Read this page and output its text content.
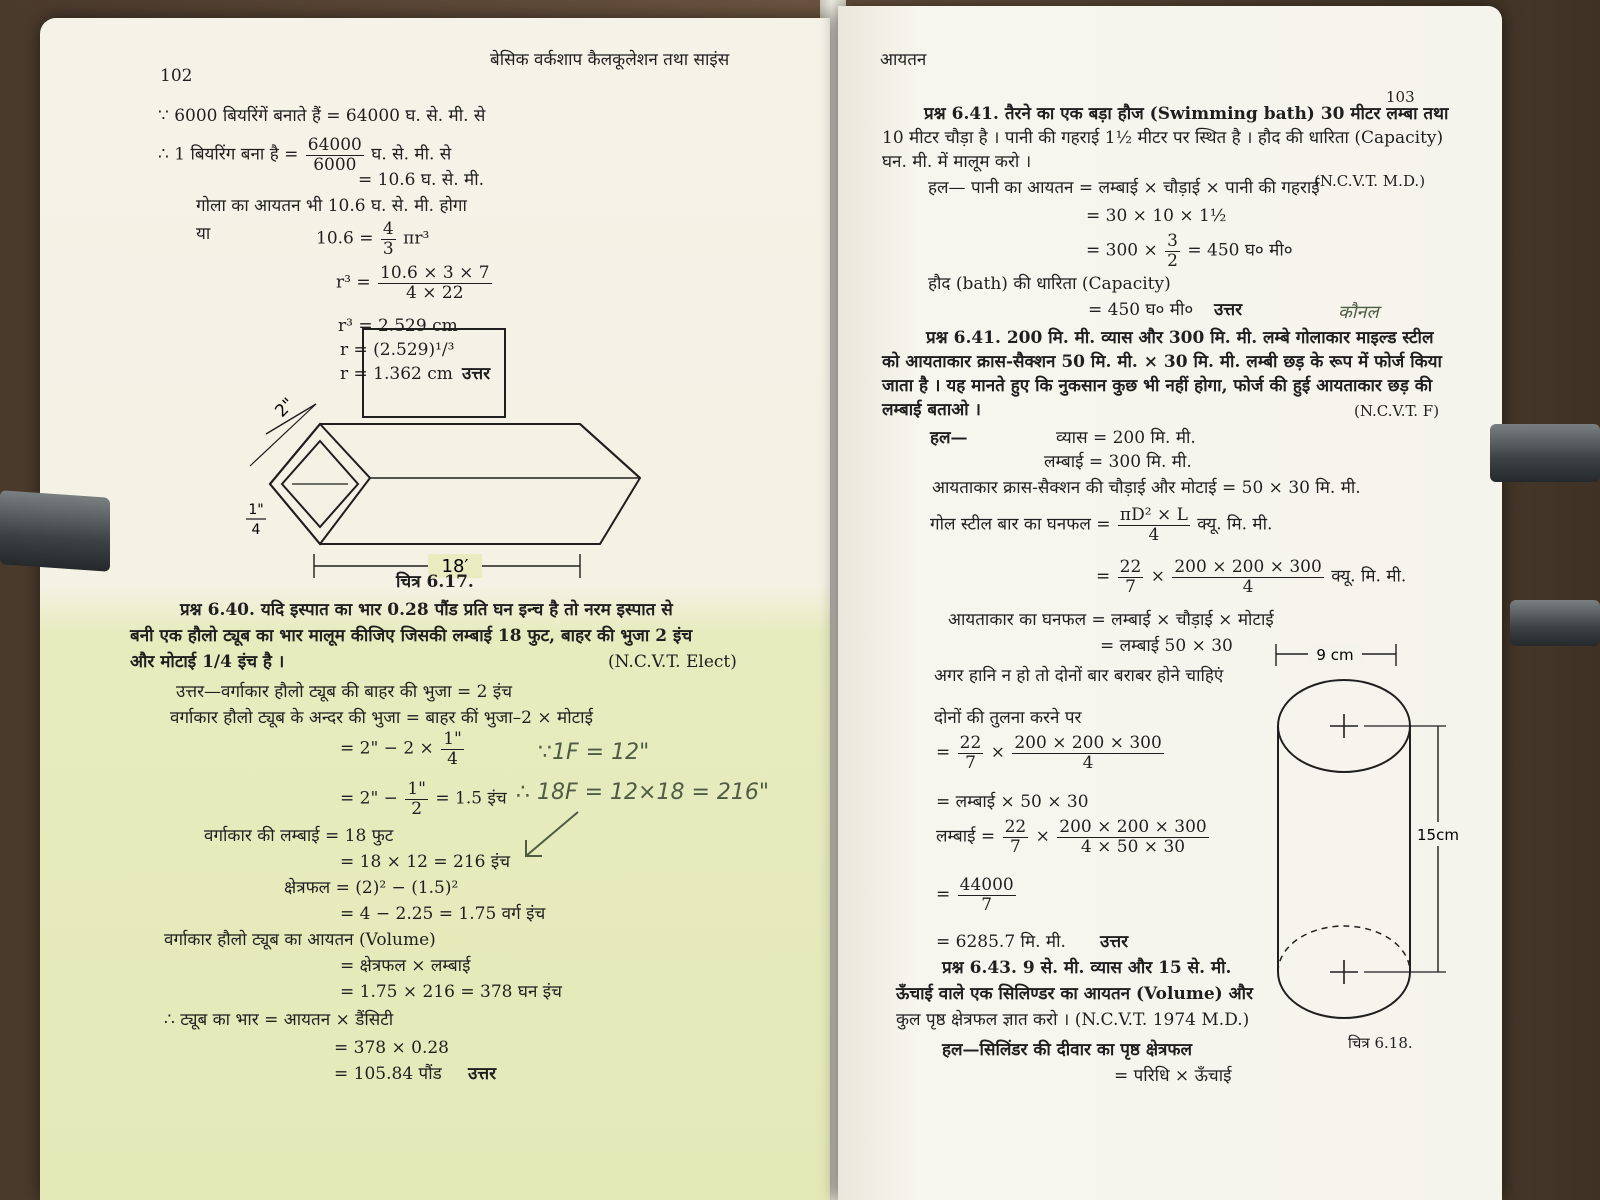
102
बेसिक वर्कशाप कैलकूलेशन तथा साइंस
∵ 6000 बियरिंगें बनाते हैं = 64000 घ. से. मी. से
∴ 1 बियरिंग बना है = $\frac{64000}{6000}$ घ. से. मी. से
= 10.6 घ. से. मी.
गोला का आयतन भी 10.6 घ. से. मी. होगा
या	$10.6 = \frac{4}{3} \pi r^3$
$r^3 = \frac{10.6 \times 3 \times 7}{4 \times 22}$
r³ = 2.529 cm
r = (2.529)¹/³
r = 1.362 cm उत्तर
18′
2"
1"
4
चित्र 6.17.
प्रश्न 6.40. यदि इस्पात का भार 0.28 पौंड प्रति घन इन्च है तो नरम इस्पात से
बनी एक हौलो ट्यूब का भार मालूम कीजिए जिसकी लम्बाई 18 फुट, बाहर की भुजा 2 इंच
और मोटाई 1/4 इंच है ।	(N.C.V.T. Elect)
उत्तर—वर्गाकार हौलो ट्यूब की बाहर की भुजा = 2 इंच
वर्गाकार हौलो ट्यूब के अन्दर की भुजा = बाहर कीं भुजा–2 × मोटाई
= 2" − $2 \times \frac{1"}{4}$
= 2" − $\frac{1"}{2} = 1.5$ इंच
∵1F = 12"
∴ 18F = 12×18 = 216"
वर्गाकार की लम्बाई = 18 फुट
= 18 × 12 = 216 इंच
क्षेत्रफल = (2)² − (1.5)²
= 4 − 2.25 = 1.75 वर्ग इंच
वर्गाकार हौलो ट्यूब का आयतन (Volume)
= क्षेत्रफल × लम्बाई
= 1.75 × 216 = 378 घन इंच
∴ ट्यूब का भार = आयतन × डैंसिटी
= 378 × 0.28
= 105.84 पौंड उत्तर
आयतन
103
प्रश्न 6.41. तैरने का एक बड़ा हौज (Swimming bath) 30 मीटर लम्बा तथा
10 मीटर चौड़ा है । पानी की गहराई 1½ मीटर पर स्थित है । हौद की धारिता (Capacity)
घन. मी. में मालूम करो ।
(N.C.V.T. M.D.)
हल— पानी का आयतन = लम्बाई × चौड़ाई × पानी की गहराई
= 30 × 10 × 1½
= $300 \times \frac{3}{2} = 450$ घ० मी०
हौद (bath) की धारिता (Capacity)
= 450 घ० मी० उत्तर	कौनल
प्रश्न 6.41. 200 मि. मी. व्यास और 300 मि. मी. लम्बे गोलाकार माइल्ड स्टील
को आयताकार क्रास-सैक्शन 50 मि. मी. × 30 मि. मी. लम्बी छड़ के रूप में फोर्ज किया
जाता है । यह मानते हुए कि नुकसान कुछ भी नहीं होगा, फोर्ज की हुई आयताकार छड़ की
लम्बाई बताओ ।	(N.C.V.T. F)
हल—	व्यास = 200 मि. मी.
लम्बाई = 300 मि. मी.
आयताकार क्रास-सैक्शन की चौड़ाई और मोटाई = 50 × 30 मि. मी.
गोल स्टील बार का घनफल = $\frac{\text{πD² × L}}{4}$ क्यू. मि. मी.
= $\frac{22}{7} \times \frac{200 \times 200 \times 300}{4}$ क्यू. मि. मी.
आयताकार का घनफल = लम्बाई × चौड़ाई × मोटाई
= लम्बाई 50 × 30
अगर हानि न हो तो दोनों बार बराबर होने चाहिएं
दोनों की तुलना करने पर
= $\frac{22}{7} \times \frac{200 \times 200 \times 300}{4}$
= लम्बाई × 50 × 30
लम्बाई = $\frac{22}{7} \times \frac{200 \times 200 \times 300}{4 \times 50 \times 30}$
= $\frac{44000}{7}$
= 6285.7 मि. मी. उत्तर
प्रश्न 6.43. 9 से. मी. व्यास और 15 से. मी.
ऊँचाई वाले एक सिलिण्डर का आयतन (Volume) और
कुल पृष्ठ क्षेत्रफल ज्ञात करो । (N.C.V.T. 1974 M.D.)
हल—सिलिंडर की दीवार का पृष्ठ क्षेत्रफल
= परिधि × ऊँचाई
9 cm
15cm
चित्र 6.18.
